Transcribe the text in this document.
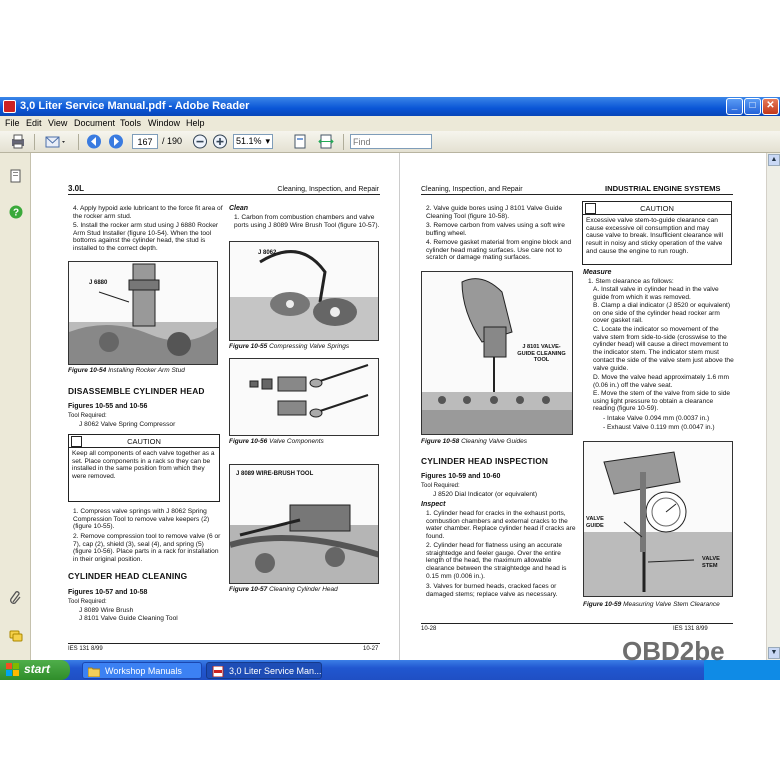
3,0 Liter Service Manual.pdf - Adobe Reader	_	□	✕
File Edit View Document Tools Window Help
167
/ 190	51.1% ▾
Find
?
3.0L	Cleaning, Inspection, and Repair
4. Apply hypoid axle lubricant to the force fit area of the rocker arm stud.
5. Install the rocker arm stud using J 6880 Rocker Arm Stud Installer (figure 10-54). When the tool bottoms against the cylinder head, the stud is installed to the correct depth.
J 6880
Figure 10-54 Installing Rocker Arm Stud
DISASSEMBLE CYLINDER HEAD
Figures 10-55 and 10-56
Tool Required:
J 8062 Valve Spring Compressor
CAUTION
Keep all components of each valve together as a set. Place components in a rack so they can be installed in the same position from which they were removed.
1. Compress valve springs with J 8062 Spring Compression Tool to remove valve keepers (2) (figure 10-55).
2. Remove compression tool to remove valve (6 or 7), cap (2), shield (3), seal (4), and spring (5) (figure 10-56). Place parts in a rack for installation in their original position.
CYLINDER HEAD CLEANING
Figures 10-57 and 10-58
Tool Required:
J 8089 Wire Brush
J 8101 Valve Guide Cleaning Tool
Clean
1. Carbon from combustion chambers and valve ports using J 8089 Wire Brush Tool (figure 10-57).
J 8062
Figure 10-55 Compressing Valve Springs
Figure 10-56 Valve Components
J 8089 WIRE-BRUSH TOOL
Figure 10-57 Cleaning Cylinder Head
IES 131 8/99	10-27
Cleaning, Inspection, and Repair	INDUSTRIAL ENGINE SYSTEMS
2. Valve guide bores using J 8101 Valve Guide Cleaning Tool (figure 10-58).
3. Remove carbon from valves using a soft wire buffing wheel.
4. Remove gasket material from engine block and cylinder head mating surfaces. Use care not to scratch or damage mating surfaces.
J 8101 VALVE-GUIDE CLEANING TOOL
Figure 10-58 Cleaning Valve Guides
CYLINDER HEAD INSPECTION
Figures 10-59 and 10-60
Tool Required:
J 8520 Dial Indicator (or equivalent)
Inspect
1. Cylinder head for cracks in the exhaust ports, combustion chambers and external cracks to the water chamber. Replace cylinder head if cracks are found.
2. Cylinder head for flatness using an accurate straightedge and feeler gauge. Over the entire length of the head, the maximum allowable clearance between the straightedge and head is 0.15 mm (0.006 in.).
3. Valves for burned heads, cracked faces or damaged stems; replace valve as necessary.
CAUTION
Excessive valve stem-to-guide clearance can cause excessive oil consumption and may cause valve to break. Insufficient clearance will result in noisy and sticky operation of the valve and cause the engine to run rough.
Measure
1. Stem clearance as follows:
A. Install valve in cylinder head in the valve guide from which it was removed.
B. Clamp a dial indicator (J 8520 or equivalent) on one side of the cylinder head rocker arm cover gasket rail.
C. Locate the indicator so movement of the valve stem from side-to-side (crosswise to the cylinder head) will cause a direct movement to the indicator stem. The indicator stem must contact the side of the valve stem just above the valve guide.
D. Move the valve head approximately 1.6 mm (0.06 in.) off the valve seat.
E. Move the stem of the valve from side to side using light pressure to obtain a clearance reading (figure 10-59).
- Intake Valve 0.094 mm (0.0037 in.)
- Exhaust Valve 0.119 mm (0.0047 in.)
VALVE GUIDE
VALVE STEM
Figure 10-59 Measuring Valve Stem Clearance
10-28	IES 131 8/99
▲
▼
start	Workshop Manuals	3,0 Liter Service Man...
OBD2be
